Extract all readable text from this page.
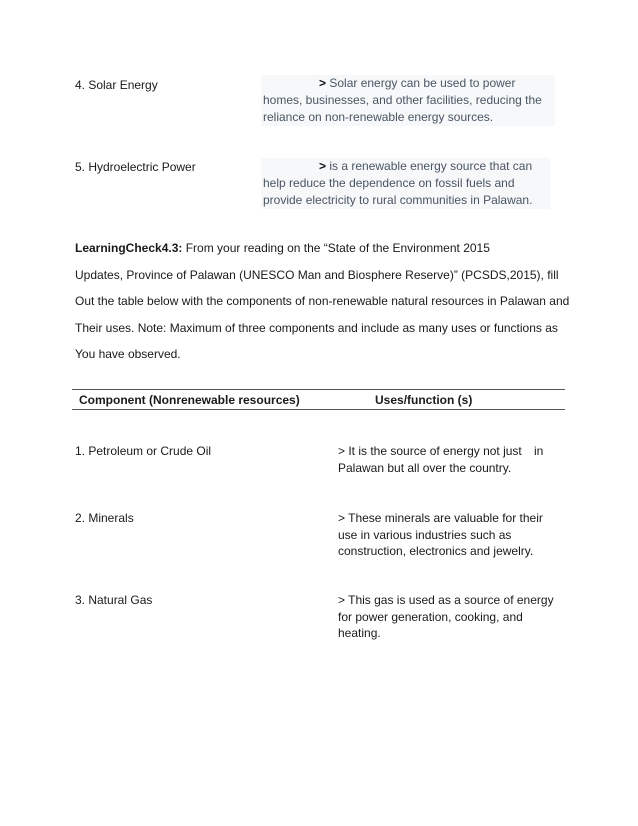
4. Solar Energy	> Solar energy can be used to power homes, businesses, and other facilities, reducing the reliance on non-renewable energy sources.
5. Hydroelectric Power	> is a renewable energy source that can help reduce the dependence on fossil fuels and provide electricity to rural communities in Palawan.
LearningCheck4.3: From your reading on the “State of the Environment 2015
Updates, Province of Palawan (UNESCO Man and Biosphere Reserve)” (PCSDS,2015), fill
Out the table below with the components of non-renewable natural resources in Palawan and
Their uses. Note: Maximum of three components and include as many uses or functions as
You have observed.
Component (Nonrenewable resources)	Uses/function (s)
1. Petroleum or Crude Oil	> It is the source of energy not just in
Palawan but all over the country.
2. Minerals	> These minerals are valuable for their use in various industries such as construction, electronics and jewelry.
3. Natural Gas	> This gas is used as a source of energy for power generation, cooking, and heating.
